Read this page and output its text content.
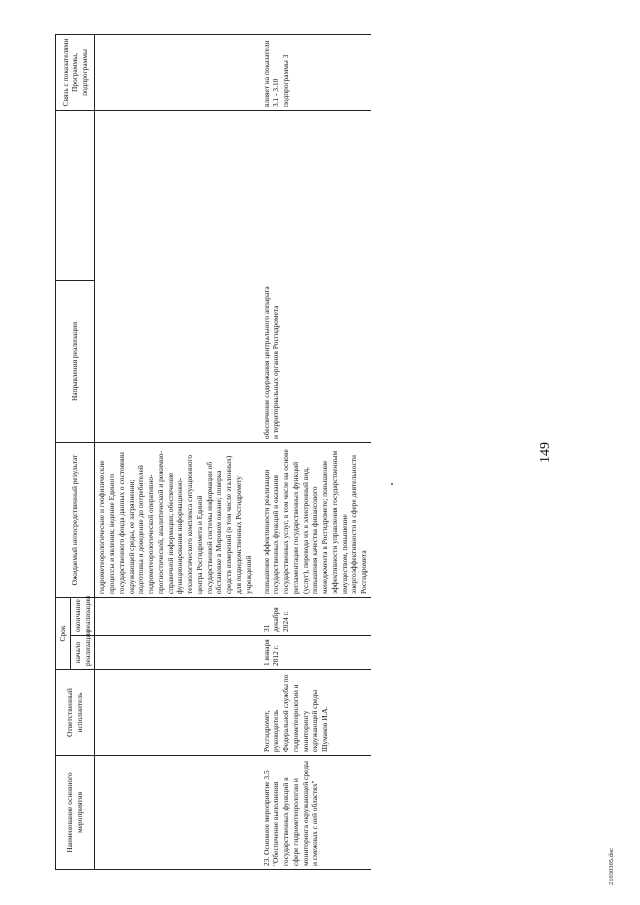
149
Наименование основного мероприятия	Ответственный исполнитель	Срок		Ожидаемый непосредственный результат	Направления реализации		Связь с показателями Программы, подпрограммы
		начало реализации	окончание реализации				
				гидрометеорологические и геофизические процессы и явления; ведение Единого государственного фонда данных о состоянии окружающей среды, ее загрязнении; подготовка и доведение до потребителей гидрометеорологической оперативно-прогностической, аналитической и режимно-справочной информации; обеспечение функционирования информационно-технологического комплекса ситуационного центра Росгидромета и Единой государственной системы информации об обстановке в Мировом океане; поверка средств измерений (в том числе эталонных) для подведомственных Росгидромету учреждений			
23. Основное мероприятие 3.5 "Обеспечение выполнения государственных функций в сфере гидрометеорологии и мониторинга окружающей среды и смежных с ней областях"	Росгидромет, руководитель Федеральной службы по гидрометеорологии и мониторингу окружающей среды Шумаков И.А.	1 января 2012 г.	31 декабря 2024 г.	повышение эффективности реализации государственных функций и оказания государственных услуг, в том числе на основе регламентации государственных функций (услуг), перевода их в электронный вид, повышения качества финансового менеджмента в Росгидромете; повышение эффективности управления государственным имуществом, повышение энергоэффективности в сфере деятельности Росгидромета	обеспечение содержания центрального аппарата и территориальных органов Росгидромета		влияет на показатели 3.1 - 3.10 подпрограммы 3
21030305.doc
